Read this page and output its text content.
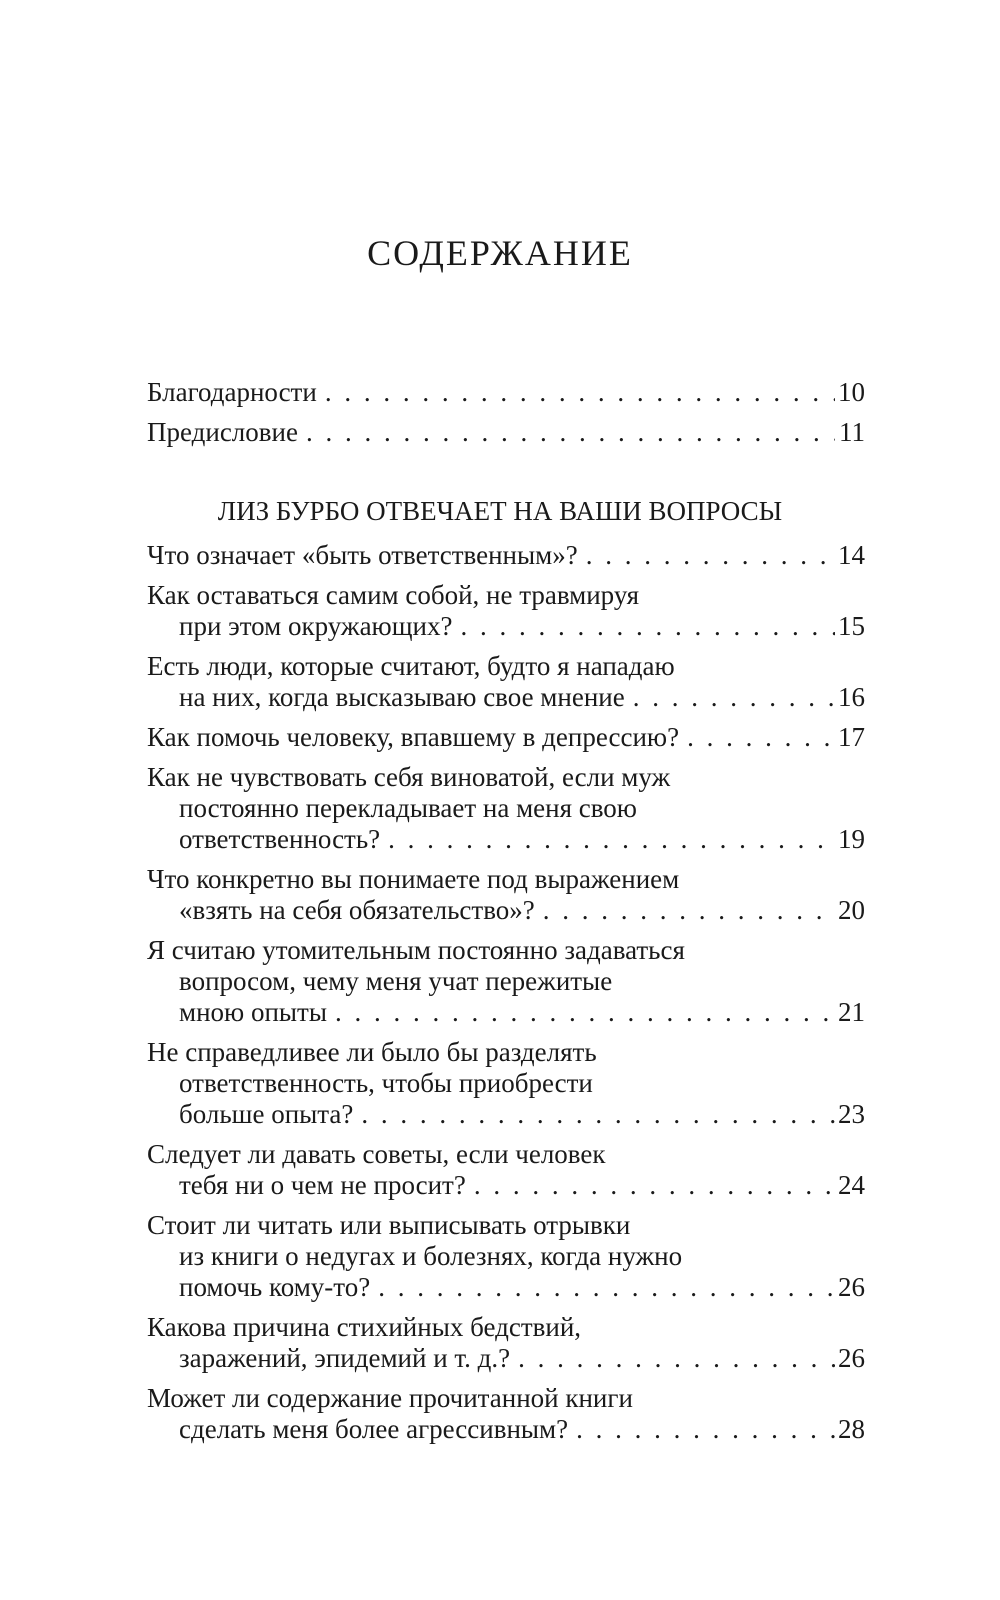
СОДЕРЖАНИЕ
Благодарности . . .	10
Предисловие . . .	11
ЛИЗ БУРБО ОТВЕЧАЕТ НА ВАШИ ВОПРОСЫ
Что означает «быть ответственным»? . . .	14
Как оставаться самим собой, не травмируя
при этом окружающих? . . .	15
Есть люди, которые считают, будто я нападаю
на них, когда высказываю свое мнение . . .	16
Как помочь человеку, впавшему в депрессию? . . .	17
Как не чувствовать себя виноватой, если муж
постоянно перекладывает на меня свою
ответственность? . . .	19
Что конкретно вы понимаете под выражением
«взять на себя обязательство»? . . .	20
Я считаю утомительным постоянно задаваться
вопросом, чему меня учат пережитые
мною опыты . . .	21
Не справедливее ли было бы разделять
ответственность, чтобы приобрести
больше опыта? . . .	23
Следует ли давать советы, если человек
тебя ни о чем не просит? . . .	24
Стоит ли читать или выписывать отрывки
из книги о недугах и болезнях, когда нужно
помочь кому-то? . . .	26
Какова причина стихийных бедствий,
заражений, эпидемий и т. д.? . . .	26
Может ли содержание прочитанной книги
сделать меня более агрессивным? . . .	28
